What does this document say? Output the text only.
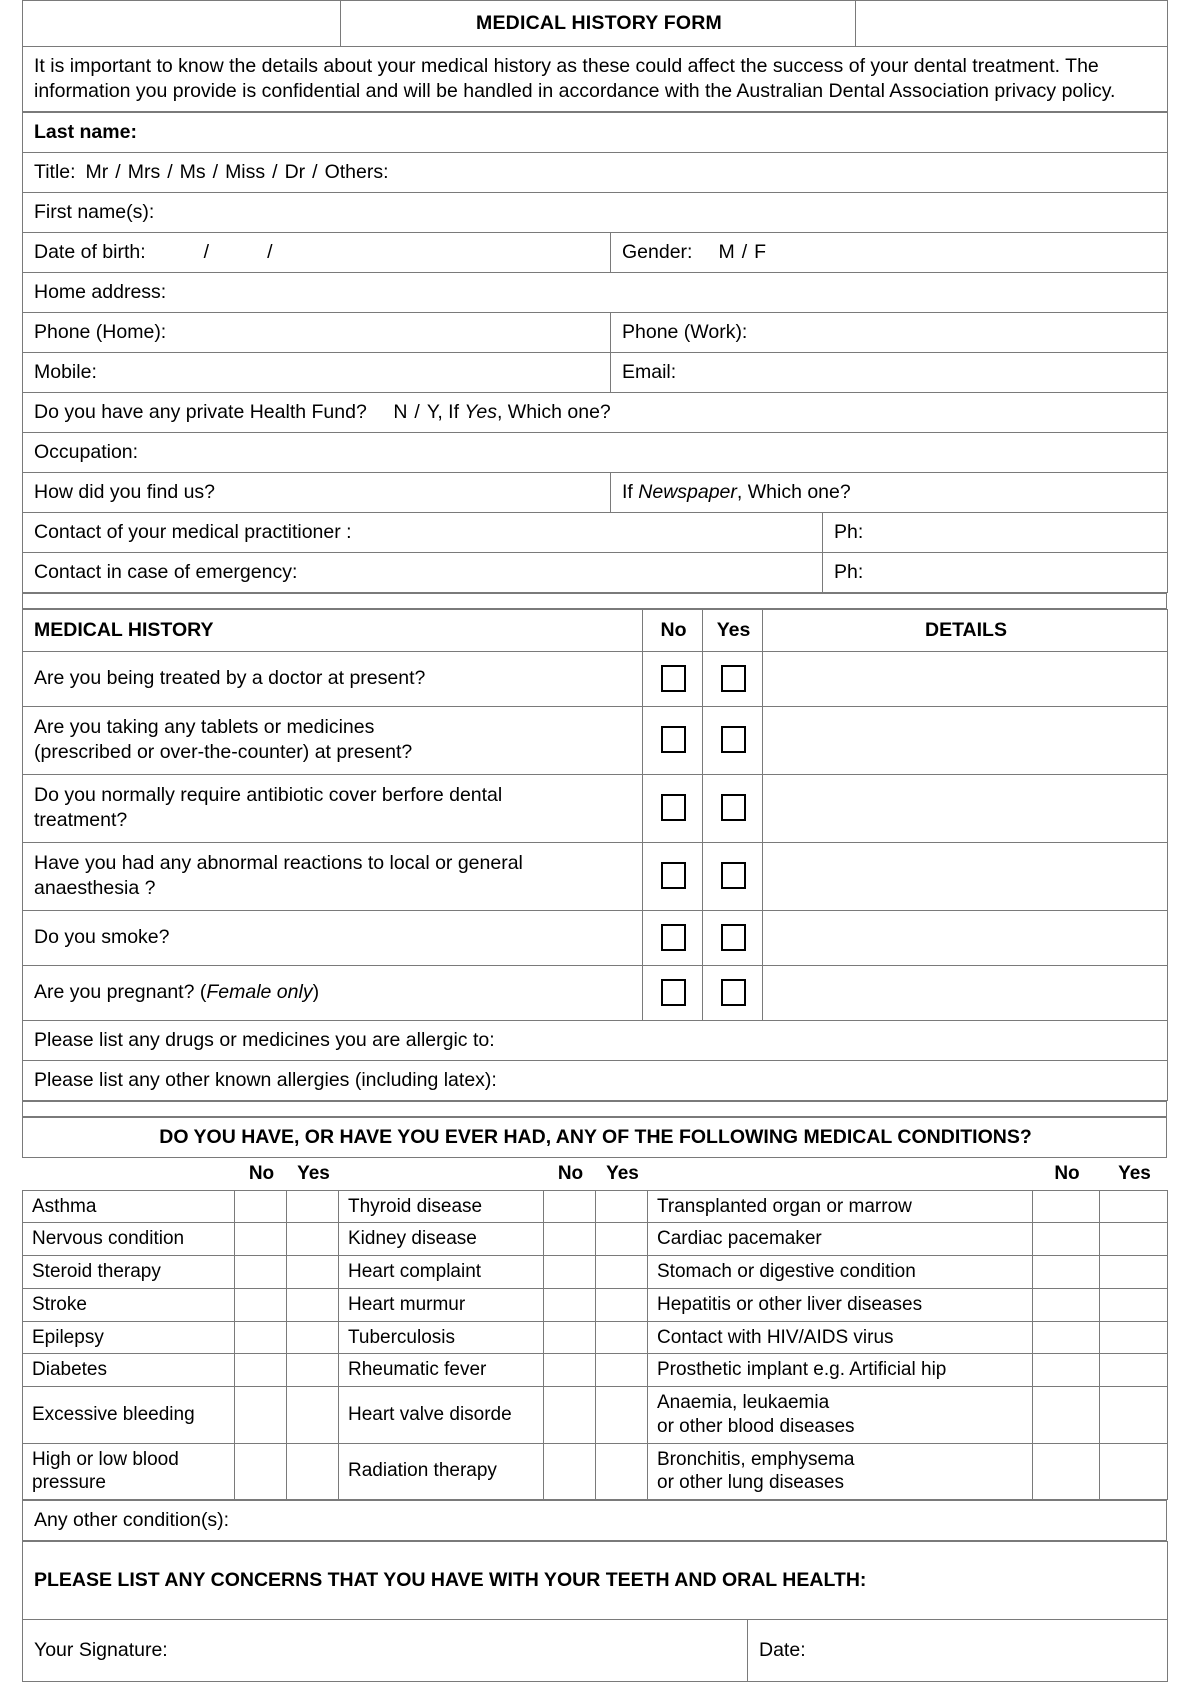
	MEDICAL HISTORY FORM	
It is important to know the details about your medical history as these could affect the success of your dental treatment. The information you provide is confidential and will be handled in accordance with the Australian Dental Association privacy policy.
Last name:		
Title: Mr / Mrs / Ms / Miss / Dr / Others:		
First name(s):		
Date of birth: / /	Gender: M / F	
Home address:		
Phone (Home):	Phone (Work):	
Mobile:	Email:	
Do you have any private Health Fund? N / Y, If Yes, Which one?		
Occupation:		
How did you find us?	If Newspaper, Which one?	
Contact of your medical practitioner :		Ph:
Contact in case of emergency:		Ph:
MEDICAL HISTORY	No	Yes	DETAILS
Are you being treated by a doctor at present?			

Are you taking any tablets or medicines
(prescribed or over-the-counter) at present?			

Do you normally require antibiotic cover berfore dental
treatment?			

Have you had any abnormal reactions to local or general
anaesthesia ?			

Do you smoke?			
Are you pregnant? (Female only)			
Please list any drugs or medicines you are allergic to:			
Please list any other known allergies (including latex):			
DO YOU HAVE, OR HAVE YOU EVER HAD, ANY OF THE FOLLOWING MEDICAL CONDITIONS?
	No	Yes		No	Yes		No	Yes
Asthma			Thyroid disease			Transplanted organ or marrow		
Nervous condition			Kidney disease			Cardiac pacemaker		
Steroid therapy			Heart complaint			Stomach or digestive condition		
Stroke			Heart murmur			Hepatitis or other liver diseases		
Epilepsy			Tuberculosis			Contact with HIV/AIDS virus		
Diabetes			Rheumatic fever			Prosthetic implant e.g. Artificial hip		
Excessive bleeding			Heart valve disorde			Anaemia, leukaemia
or other blood diseases		
High or low blood pressure			Radiation therapy			Bronchitis, emphysema
or other lung diseases		
Any other condition(s):
PLEASE LIST ANY CONCERNS THAT YOU HAVE WITH YOUR TEETH AND ORAL HEALTH:
Your Signature:	Date:
